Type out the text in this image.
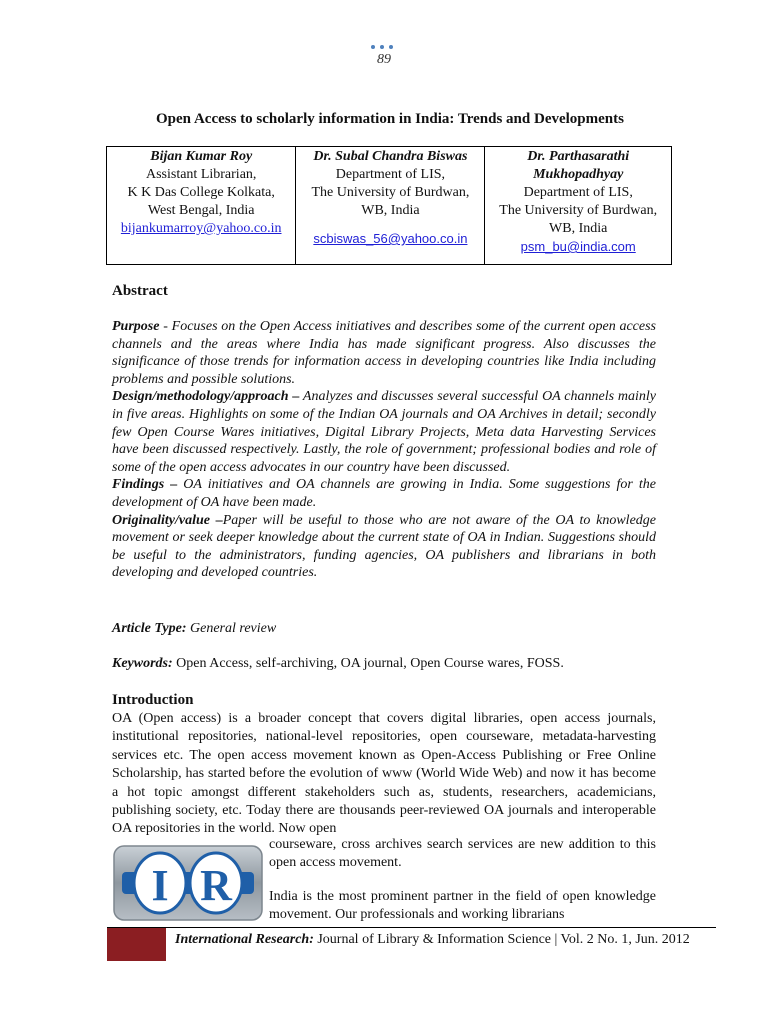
89
Open Access to scholarly information in India: Trends and Developments
Bijan Kumar Roy
Assistant Librarian,
K K Das College Kolkata,
West Bengal, India
bijankumarroy@yahoo.co.in

Dr. Subal Chandra Biswas
Department of LIS,
The University of Burdwan,
WB, India
scbiswas_56@yahoo.co.in

Dr. Parthasarathi
Mukhopadhyay
Department of LIS,
The University of Burdwan,
WB, India
psm_bu@india.com
Abstract

Purpose - Focuses on the Open Access initiatives and describes some of the current open access channels and the areas where India has made significant progress. Also discusses the significance of those trends for information access in developing countries like India including problems and possible solutions.

Design/methodology/approach – Analyzes and discusses several successful OA channels mainly in five areas. Highlights on some of the Indian OA journals and OA Archives in detail; secondly few Open Course Wares initiatives, Digital Library Projects, Meta data Harvesting Services have been discussed respectively. Lastly, the role of government; professional bodies and role of some of the open access advocates in our country have been discussed.

Findings – OA initiatives and OA channels are growing in India. Some suggestions for the development of OA have been made.

Originality/value –Paper will be useful to those who are not aware of the OA to knowledge movement or seek deeper knowledge about the current state of OA in Indian. Suggestions should be useful to the administrators, funding agencies, OA publishers and librarians in both developing and developed countries.

Article Type: General review
Keywords: Open Access, self-archiving, OA journal, Open Course wares, FOSS.
Introduction

OA (Open access) is a broader concept that covers digital libraries, open access journals, institutional repositories, national-level repositories, open courseware, metadata-harvesting services etc. The open access movement known as Open-Access Publishing or Free Online Scholarship, has started before the evolution of www (World Wide Web) and now it has become a hot topic amongst different stakeholders such as, students, researchers, academicians, publishing society, etc. Today there are thousands peer-reviewed OA journals and interoperable OA repositories in the world. Now open

courseware, cross archives search services are new addition to this open access movement.

India is the most prominent partner in the field of open knowledge movement. Our professionals and working librarians

I R
International Research: Journal of Library & Information Science | Vol. 2 No. 1, Jun. 2012
